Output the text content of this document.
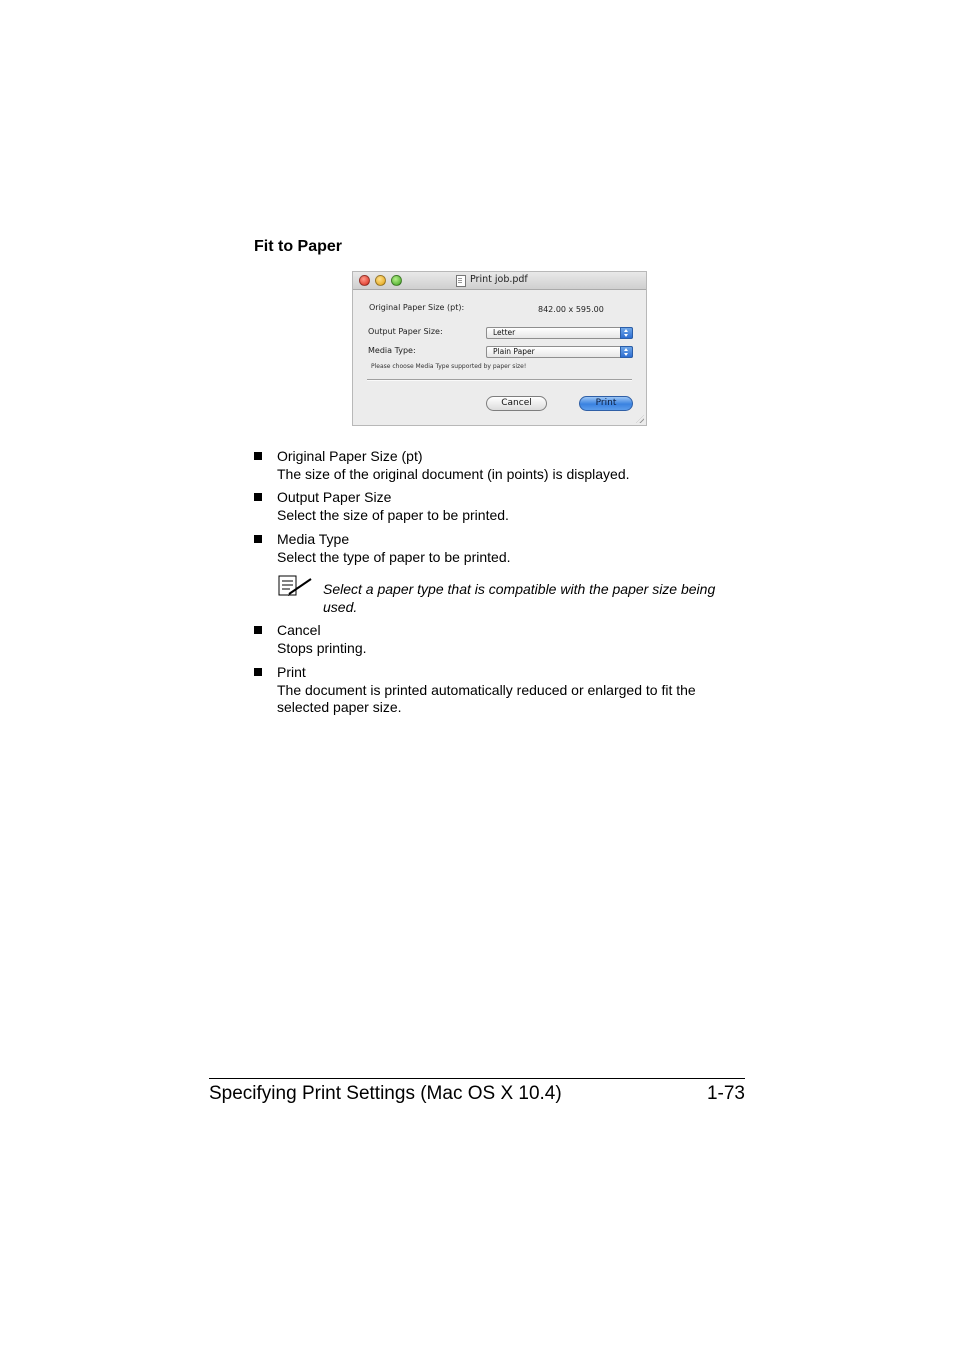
Fit to Paper
Print job.pdf
Original Paper Size (pt):	842.00 x 595.00
Output Paper Size:	Letter
Media Type:	Plain Paper
Please choose Media Type supported by paper size!
Cancel	Print
Original Paper Size (pt)
The size of the original document (in points) is displayed.
Output Paper Size
Select the size of paper to be printed.
Media Type
Select the type of paper to be printed.
Select a paper type that is compatible with the paper size being used.
Cancel
Stops printing.
Print
The document is printed automatically reduced or enlarged to fit the selected paper size.
Specifying Print Settings (Mac OS X 10.4)	1-73
